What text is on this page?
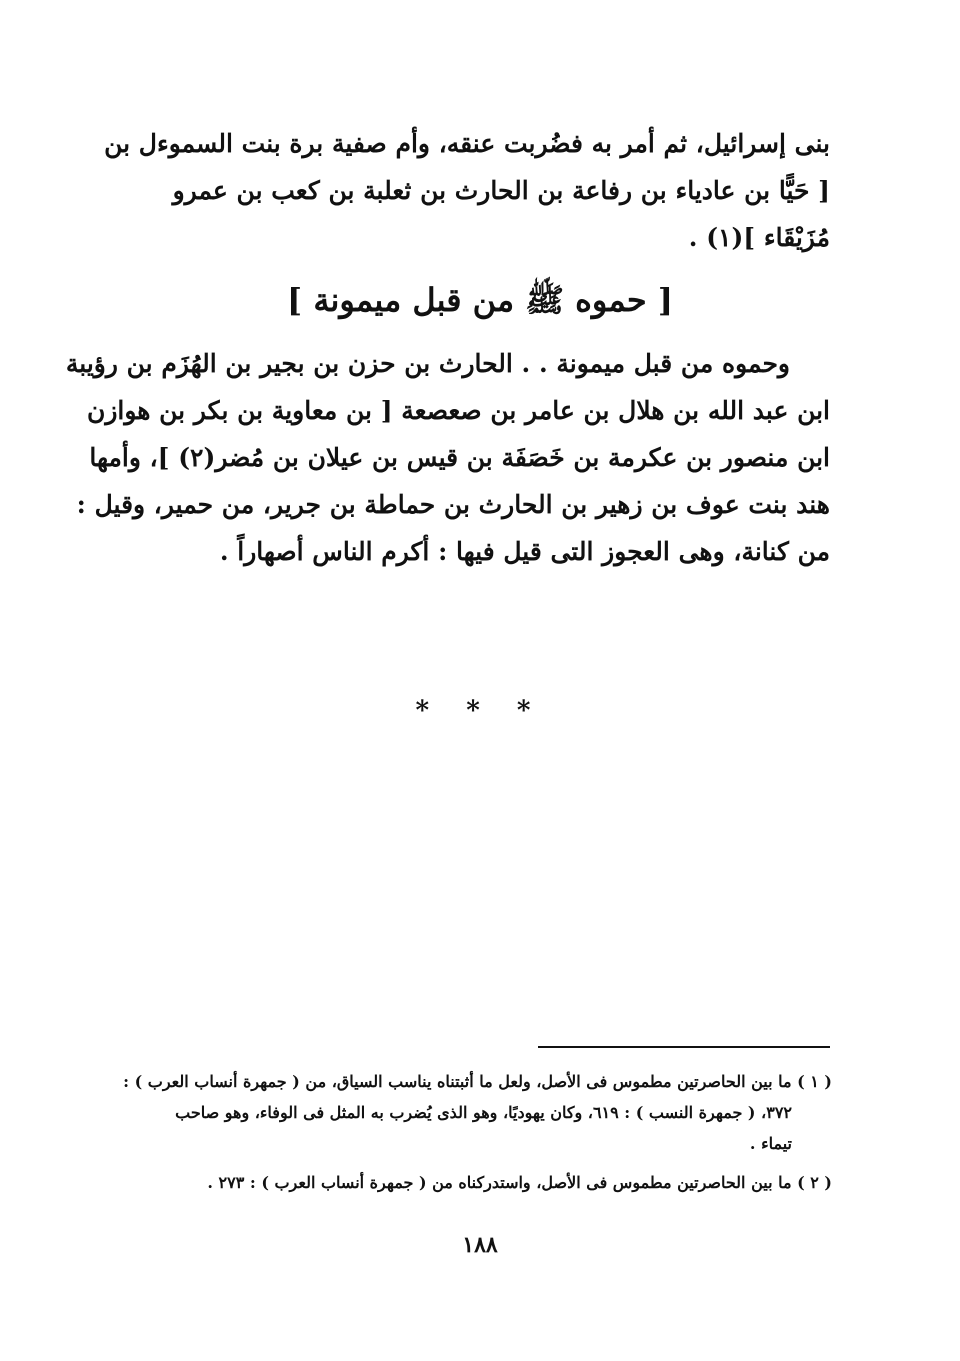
بنى إسرائيل، ثم أمر به فضُربت عنقه، وأم صفية برة بنت السموءل بن
[ حَيًّا بن عادياء بن رفاعة بن الحارث بن ثعلبة بن كعب بن عمرو
مُزَيْقَاء ](١) .
[ حموه ﷺ من قبل ميمونة ]
وحموه من قبل ميمونة . . الحارث بن حزن بن بجير بن الهُزَم بن رؤيبة
ابن عبد الله بن هلال بن عامر بن صعصعة [ بن معاوية بن بكر بن هوازن
ابن منصور بن عكرمة بن خَصَفَة بن قيس بن عيلان بن مُضر(٢) ]، وأمها
هند بنت عوف بن زهير بن الحارث بن حماطة بن جرير، من حمير، وقيل :
من كنانة، وهى العجوز التى قيل فيها : أكرم الناس أصهاراً .
* * *
( ١ ) ما بين الحاصرتين مطموس فى الأصل، ولعل ما أثبتناه يناسب السياق، من ( جمهرة أنساب العرب ) :
٣٧٢، ( جمهرة النسب ) : ٦١٩، وكان يهوديًا، وهو الذى يُضرب به المثل فى الوفاء، وهو صاحب
تيماء .
( ٢ ) ما بين الحاصرتين مطموس فى الأصل، واستدركناه من ( جمهرة أنساب العرب ) : ٢٧٣ .
١٨٨
